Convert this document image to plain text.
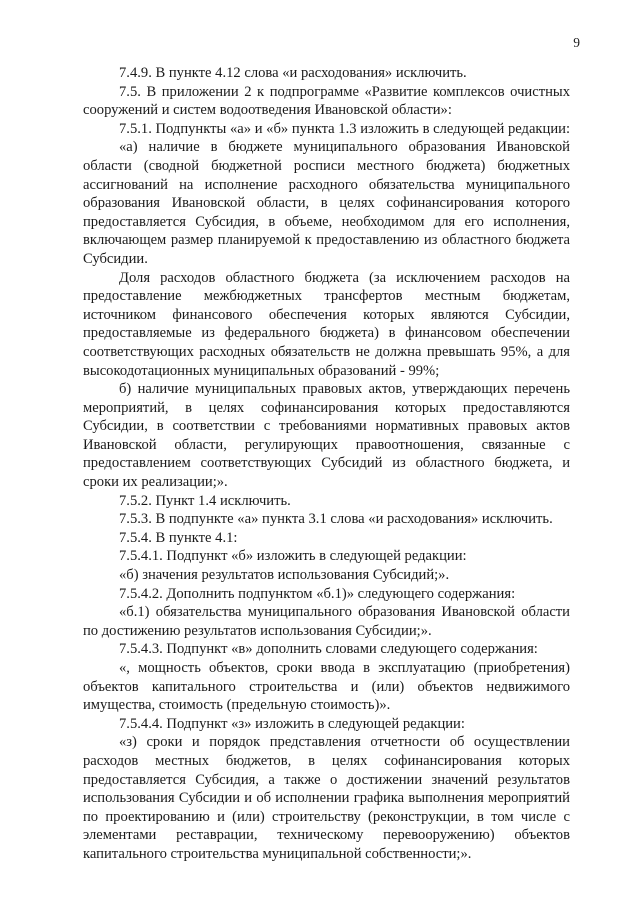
9

7.4.9. В пункте 4.12 слова «и расходования» исключить.

7.5. В приложении 2 к подпрограмме «Развитие комплексов очистных сооружений и систем водоотведения Ивановской области»:

7.5.1. Подпункты «а» и «б» пункта 1.3 изложить в следующей редакции:

«а) наличие в бюджете муниципального образования Ивановской области (сводной бюджетной росписи местного бюджета) бюджетных ассигнований на исполнение расходного обязательства муниципального образования Ивановской области, в целях софинансирования которого предоставляется Субсидия, в объеме, необходимом для его исполнения, включающем размер планируемой к предоставлению из областного бюджета Субсидии.

Доля расходов областного бюджета (за исключением расходов на предоставление межбюджетных трансфертов местным бюджетам, источником финансового обеспечения которых являются Субсидии, предоставляемые из федерального бюджета) в финансовом обеспечении соответствующих расходных обязательств не должна превышать 95%, а для высокодотационных муниципальных образований - 99%;

б) наличие муниципальных правовых актов, утверждающих перечень мероприятий, в целях софинансирования которых предоставляются Субсидии, в соответствии с требованиями нормативных правовых актов Ивановской области, регулирующих правоотношения, связанные с предоставлением соответствующих Субсидий из областного бюджета, и сроки их реализации;».

7.5.2. Пункт 1.4 исключить.

7.5.3. В подпункте «а» пункта 3.1 слова «и расходования» исключить.

7.5.4. В пункте 4.1:

7.5.4.1. Подпункт «б» изложить в следующей редакции:

«б) значения результатов использования Субсидий;».

7.5.4.2. Дополнить подпунктом «б.1)» следующего содержания:

«б.1) обязательства муниципального образования Ивановской области по достижению результатов использования Субсидии;».

7.5.4.3. Подпункт «в» дополнить словами следующего содержания:

«, мощность объектов, сроки ввода в эксплуатацию (приобретения) объектов капитального строительства и (или) объектов недвижимого имущества, стоимость (предельную стоимость)».

7.5.4.4. Подпункт «з» изложить в следующей редакции:

«з) сроки и порядок представления отчетности об осуществлении расходов местных бюджетов, в целях софинансирования которых предоставляется Субсидия, а также о достижении значений результатов использования Субсидии и об исполнении графика выполнения мероприятий по проектированию и (или) строительству (реконструкции, в том числе с элементами реставрации, техническому перевооружению) объектов капитального строительства муниципальной собственности;».
